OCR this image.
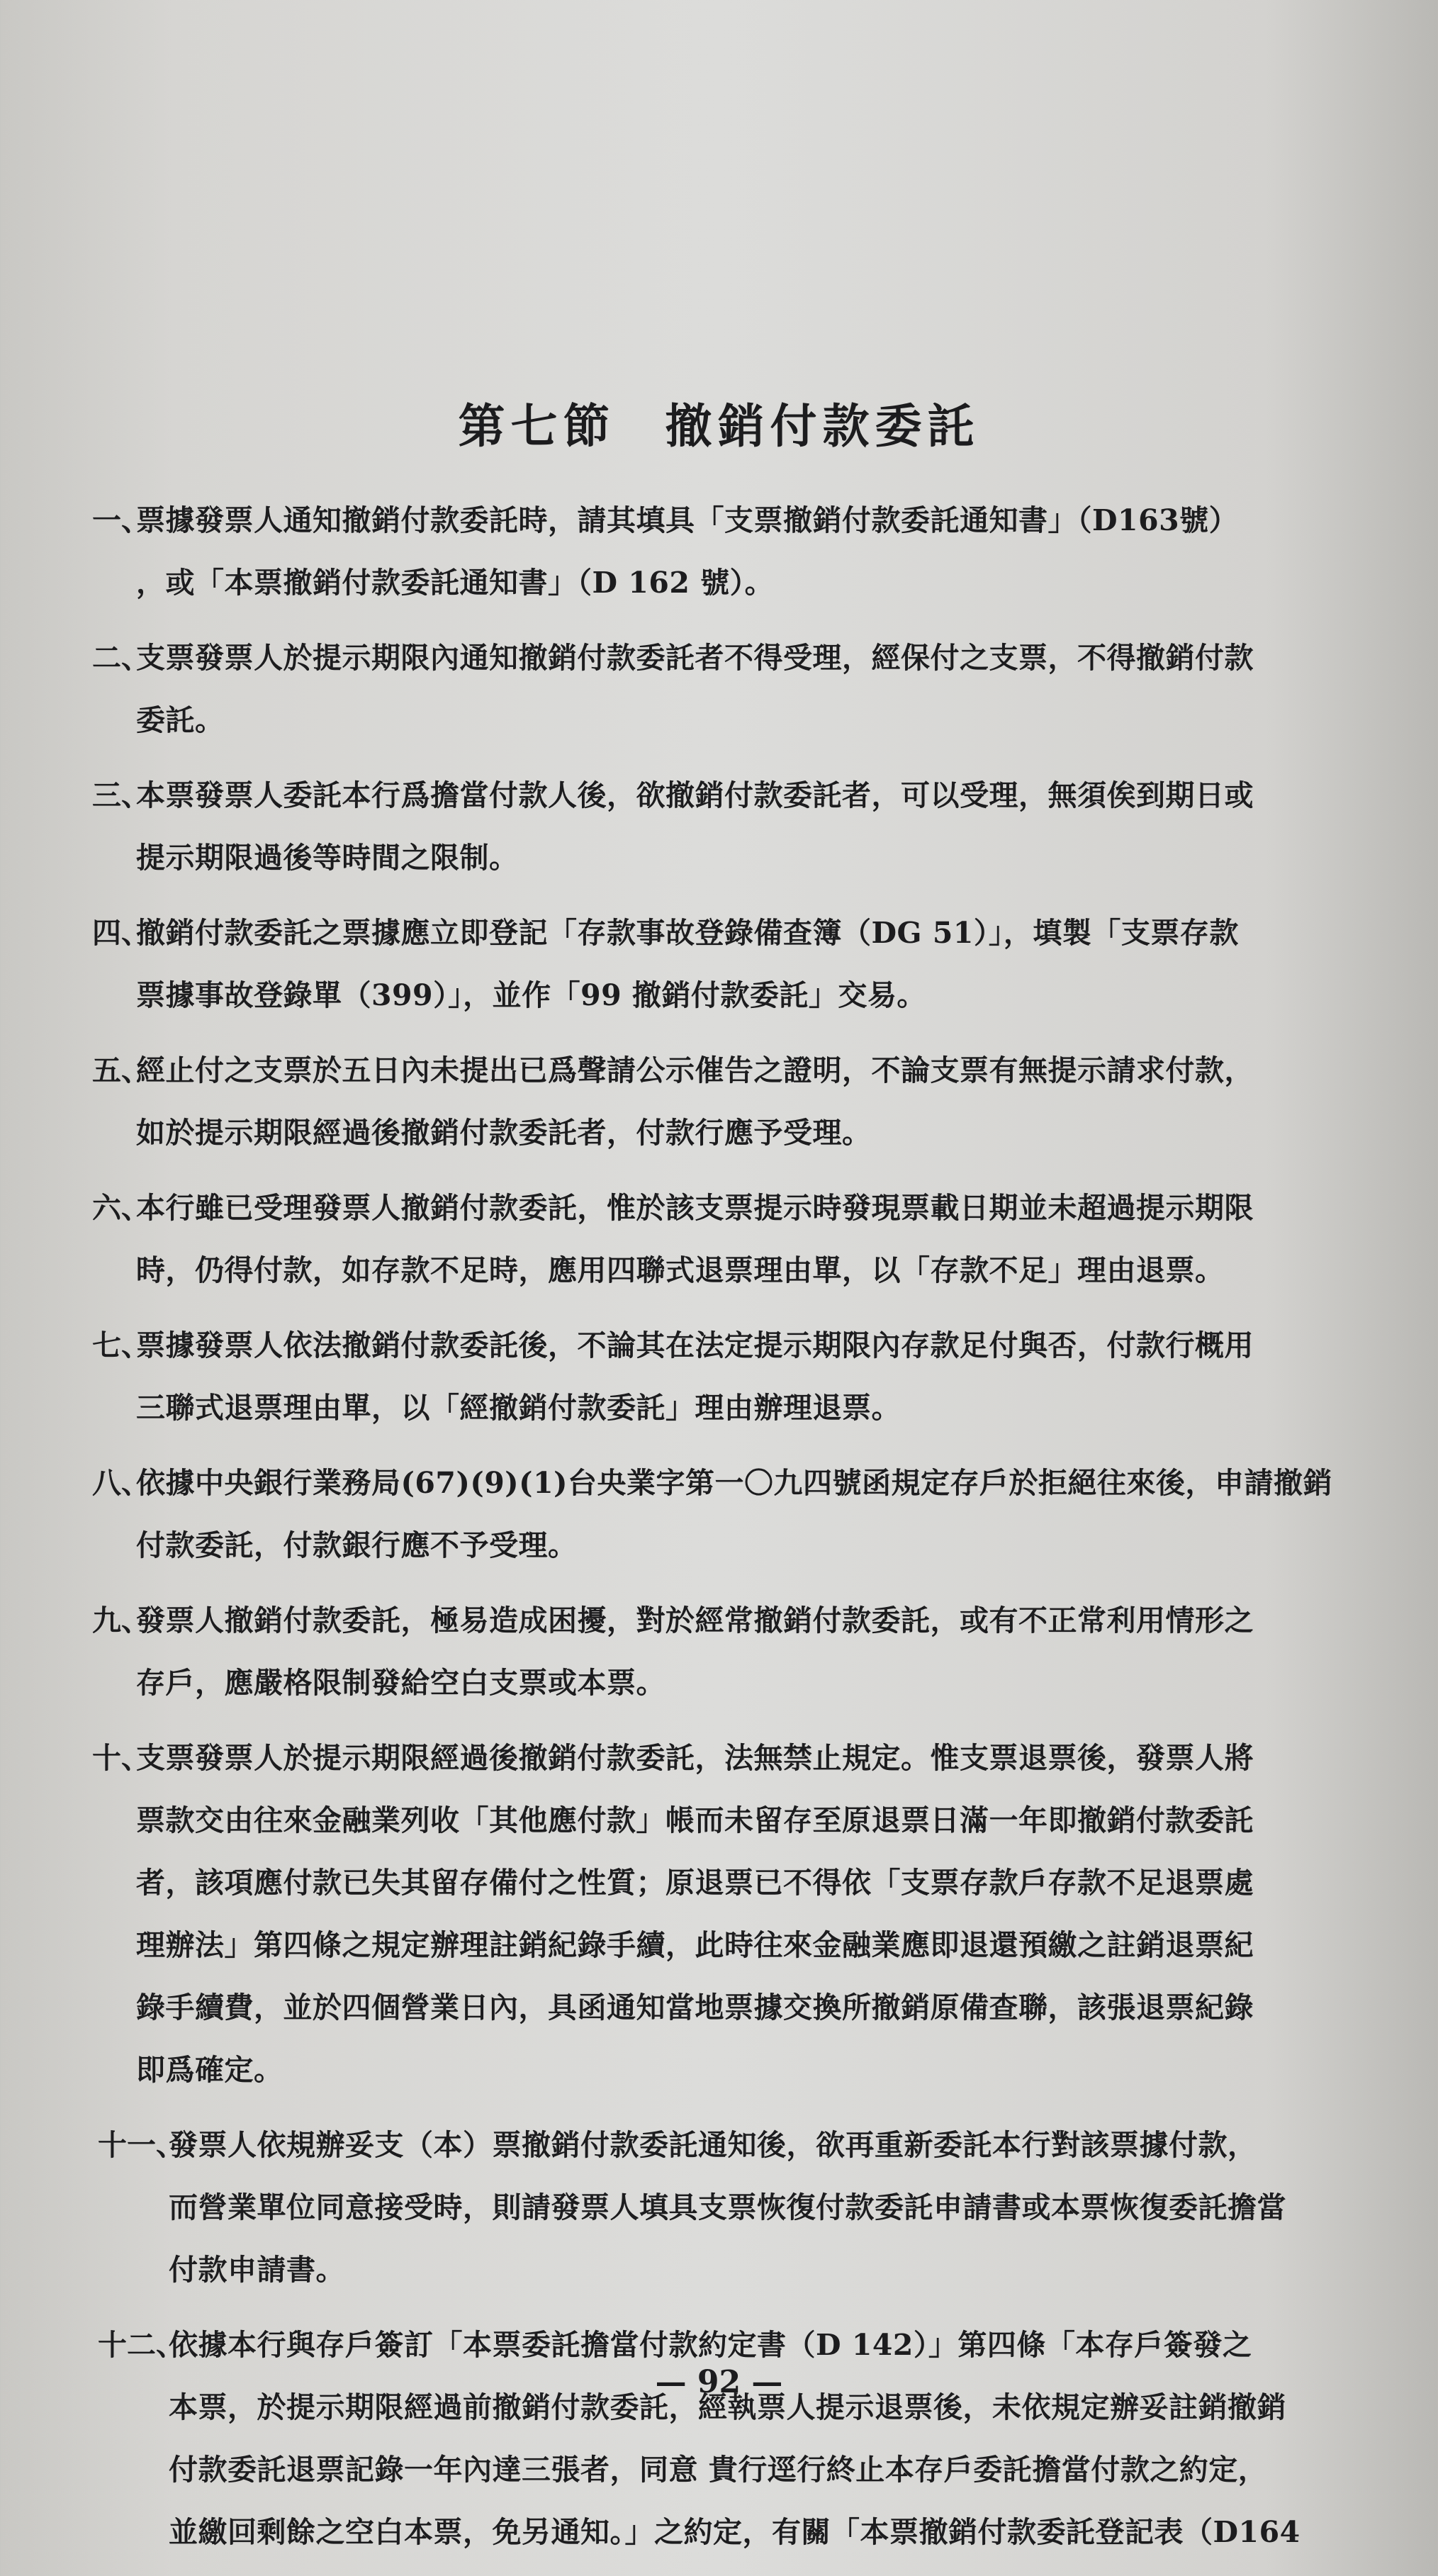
第七節 撤銷付款委託
一、
票據發票人通知撤銷付款委託時，請其填具「支票撤銷付款委託通知書」（D163號）
，或「本票撤銷付款委託通知書」（D 162 號）。
二、
支票發票人於提示期限內通知撤銷付款委託者不得受理，經保付之支票，不得撤銷付款
委託。
三、
本票發票人委託本行爲擔當付款人後，欲撤銷付款委託者，可以受理，無須俟到期日或
提示期限過後等時間之限制。
四、
撤銷付款委託之票據應立即登記「存款事故登錄備查簿（DG 51）」，填製「支票存款
票據事故登錄單（399）」，並作「99 撤銷付款委託」交易。
五、
經止付之支票於五日內未提出已爲聲請公示催告之證明，不論支票有無提示請求付款，
如於提示期限經過後撤銷付款委託者，付款行應予受理。
六、
本行雖已受理發票人撤銷付款委託，惟於該支票提示時發現票載日期並未超過提示期限
時，仍得付款，如存款不足時，應用四聯式退票理由單，以「存款不足」理由退票。
七、
票據發票人依法撤銷付款委託後，不論其在法定提示期限內存款足付與否，付款行概用
三聯式退票理由單，以「經撤銷付款委託」理由辦理退票。
八、
依據中央銀行業務局(67)(9)(1)台央業字第一〇九四號函規定存戶於拒絕往來後，申請撤銷
付款委託，付款銀行應不予受理。
九、
發票人撤銷付款委託，極易造成困擾，對於經常撤銷付款委託，或有不正常利用情形之
存戶，應嚴格限制發給空白支票或本票。
十、
支票發票人於提示期限經過後撤銷付款委託，法無禁止規定。惟支票退票後，發票人將
票款交由往來金融業列收「其他應付款」帳而未留存至原退票日滿一年即撤銷付款委託
者，該項應付款已失其留存備付之性質；原退票已不得依「支票存款戶存款不足退票處
理辦法」第四條之規定辦理註銷紀錄手續，此時往來金融業應即退還預繳之註銷退票紀
錄手續費，並於四個營業日內，具函通知當地票據交換所撤銷原備查聯，該張退票紀錄
即爲確定。
十一、
發票人依規辦妥支（本）票撤銷付款委託通知後，欲再重新委託本行對該票據付款，
而營業單位同意接受時，則請發票人填具支票恢復付款委託申請書或本票恢復委託擔當
付款申請書。
十二、
依據本行與存戶簽訂「本票委託擔當付款約定書（D 142）」第四條「本存戶簽發之
本票，於提示期限經過前撤銷付款委託，經執票人提示退票後，未依規定辦妥註銷撤銷
付款委託退票記錄一年內達三張者，同意 貴行逕行終止本存戶委託擔當付款之約定，
並繳回剩餘之空白本票，免另通知。」之約定，有關「本票撤銷付款委託登記表（D164
— 92 —
